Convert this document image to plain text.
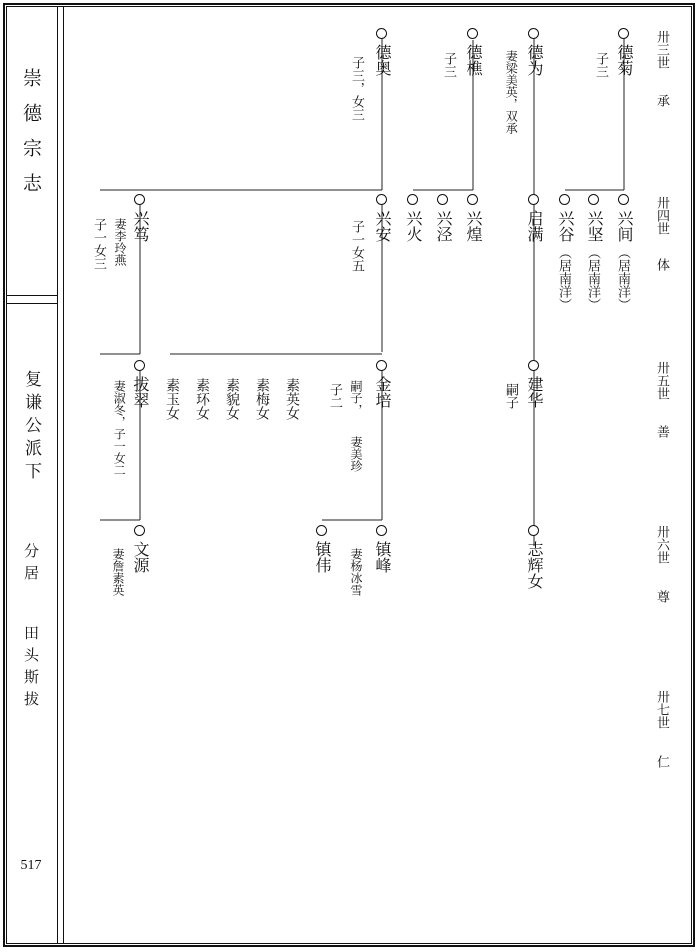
崇德宗志
复谦公派下
分居
田头斯拔
517
卅三世
承
卅四世
体
卅五世
善
卅六世
尊
卅七世
仁
德菊
子三
德为
妻梁美英，双承
德樵
子三
德奥
子三，女三
兴间
（居南洋）
兴坚
（居南洋）
兴谷
（居南洋）
启满
兴煌
兴泾
兴火
兴安
子一女五
兴笃
妻李玲燕
子一女三
建华
嗣子
金培
嗣子，
妻美珍
子二
素英女
素梅女
素貌女
素环女
素玉女
拔翠
妻淑冬，子一女二
志辉女
镇峰
妻杨冰雪
镇伟
文源
妻詹素英
